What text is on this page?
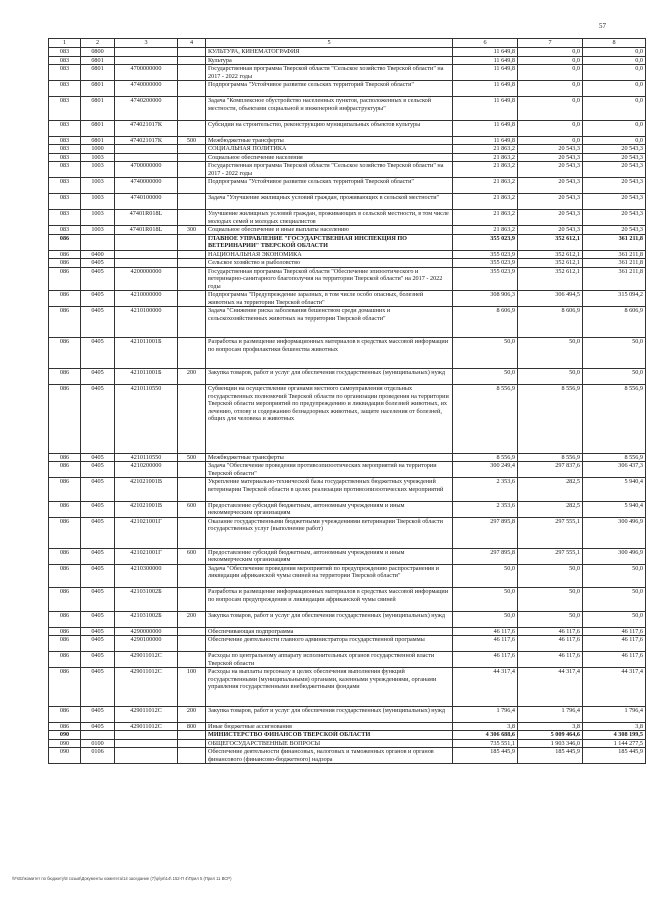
57
1	2	3	4	5	6	7	8
083	0800			КУЛЬТУРА, КИНЕМАТОГРАФИЯ	11 649,8	0,0	0,0
083	0801			Культура	11 649,8	0,0	0,0
083	0801	4700000000		Государственная программа Тверской области "Сельское хозяйство Тверской области" на 2017 - 2022 годы	11 649,8	0,0	0,0
083	0801	4740000000		Подпрограмма "Устойчивое развитие сельских территорий Тверской области"	11 649,8	0,0	0,0
083	0801	4740200000		Задача "Комплексное обустройство населенных пунктов, расположенных в сельской местности, объектами социальной и инженерной инфраструктуры"	11 649,8	0,0	0,0
083	0801	474021017К		Субсидии на строительство, реконструкцию муниципальных объектов культуры	11 649,8	0,0	0,0
083	0801	474021017К	500	Межбюджетные трансферты	11 649,8	0,0	0,0
083	1000			СОЦИАЛЬНАЯ ПОЛИТИКА	21 863,2	20 543,3	20 543,3
083	1003			Социальное обеспечение населения	21 863,2	20 543,3	20 543,3
083	1003	4700000000		Государственная программа Тверской области "Сельское хозяйство Тверской области" на 2017 - 2022 годы	21 863,2	20 543,3	20 543,3
083	1003	4740000000		Подпрограмма "Устойчивое развитие сельских территорий Тверской области"	21 863,2	20 543,3	20 543,3
083	1003	4740100000		Задача "Улучшение жилищных условий граждан, проживающих в сельской местности"	21 863,2	20 543,3	20 543,3
083	1003	47401R018L		Улучшение жилищных условий граждан, проживающих в сельской местности, в том числе молодых семей и молодых специалистов	21 863,2	20 543,3	20 543,3
083	1003	47401R018L	300	Социальное обеспечение и иные выплаты населению	21 863,2	20 543,3	20 543,3
086				ГЛАВНОЕ УПРАВЛЕНИЕ "ГОСУДАРСТВЕННАЯ ИНСПЕКЦИЯ ПО ВЕТЕРИНАРИИ" ТВЕРСКОЙ ОБЛАСТИ	355 023,9	352 612,1	361 211,8
086	0400			НАЦИОНАЛЬНАЯ ЭКОНОМИКА	355 023,9	352 612,1	361 211,8
086	0405			Сельское хозяйство и рыболовство	355 023,9	352 612,1	361 211,8
086	0405	4200000000		Государственная программа Тверской области "Обеспечение эпизоотического и ветеринарно-санитарного благополучия на территории Тверской области" на 2017 - 2022 годы	355 023,9	352 612,1	361 211,8
086	0405	4210000000		Подпрограмма "Предупреждение заразных, в том числе особо опасных, болезней животных на территории Тверской области"	308 906,3	306 494,5	315 094,2
086	0405	4210100000		Задача "Снижение риска заболевания бешенством среди домашних и сельскохозяйственных животных на территории Тверской области"	8 606,9	8 606,9	8 606,9
086	0405	421011001Б		Разработка и размещение информационных материалов в средствах массовой информации по вопросам профилактики бешенства животных	50,0	50,0	50,0
086	0405	421011001Б	200	Закупка товаров, работ и услуг для обеспечения государственных (муниципальных) нужд	50,0	50,0	50,0
086	0405	4210110550		Субвенции на осуществление органами местного самоуправления отдельных государственных полномочий Тверской области по организации проведения на территории Тверской области мероприятий по предупреждению и ликвидации болезней животных, их лечению, отлову и содержанию безнадзорных животных, защите населения от болезней, общих для человека и животных	8 556,9	8 556,9	8 556,9
086	0405	4210110550	500	Межбюджетные трансферты	8 556,9	8 556,9	8 556,9
086	0405	4210200000		Задача "Обеспечение проведения противоэпизоотических мероприятий на территории Тверской области"	300 249,4	297 837,6	306 437,3
086	0405	421021001В		Укрепление материально-технической базы государственных бюджетных учреждений ветеринарии Тверской области в целях реализации противоэпизоотических мероприятий	2 353,6	282,5	5 940,4
086	0405	421021001В	600	Предоставление субсидий бюджетным, автономным учреждениям и иным некоммерческим организациям	2 353,6	282,5	5 940,4
086	0405	421021001Г		Оказание государственными бюджетными учреждениями ветеринарии Тверской области государственных услуг (выполнение работ)	297 895,8	297 555,1	300 496,9
086	0405	421021001Г	600	Предоставление субсидий бюджетным, автономным учреждениям и иным некоммерческим организациям	297 895,8	297 555,1	300 496,9
086	0405	4210300000		Задача "Обеспечение проведения мероприятий по предупреждению распространения и ликвидации африканской чумы свиней на территории Тверской области"	50,0	50,0	50,0
086	0405	421031002Б		Разработка и размещение информационных материалов в средствах массовой информации по вопросам предупреждения и ликвидации африканской чумы свиней	50,0	50,0	50,0
086	0405	421031002Б	200	Закупка товаров, работ и услуг для обеспечения государственных (муниципальных) нужд	50,0	50,0	50,0
086	0405	4290000000		Обеспечивающая подпрограмма	46 117,6	46 117,6	46 117,6
086	0405	4290100000		Обеспечение деятельности главного администратора государственной программы	46 117,6	46 117,6	46 117,6
086	0405	429011012С		Расходы по центральному аппарату исполнительных органов государственной власти Тверской области	46 117,6	46 117,6	46 117,6
086	0405	429011012С	100	Расходы на выплаты персоналу в целях обеспечения выполнения функций государственными (муниципальными) органами, казенными учреждениями, органами управления государственными внебюджетными фондами	44 317,4	44 317,4	44 317,4
086	0405	429011012С	200	Закупка товаров, работ и услуг для обеспечения государственных (муниципальных) нужд	1 796,4	1 796,4	1 796,4
086	0405	429011012С	800	Иные бюджетные ассигнования	3,8	3,8	3,8
090				МИНИСТЕРСТВО ФИНАНСОВ ТВЕРСКОЙ ОБЛАСТИ	4 306 688,6	5 009 464,6	4 308 199,5
090	0100			ОБЩЕГОСУДАРСТВЕННЫЕ ВОПРОСЫ	735 551,1	1 903 346,0	1 144 277,5
090	0106			Обеспечение деятельности финансовых, налоговых и таможенных органов и органов финансового (финансово-бюджетного) надзора	185 445,9	185 445,9	185 445,9
\\Fs02\комитет по бюджету\8 созыв\Документы комитета\14 заседание (7)\р\ув\14\ 152-П 4\Прил 5 (Прил 11 ВСР)
